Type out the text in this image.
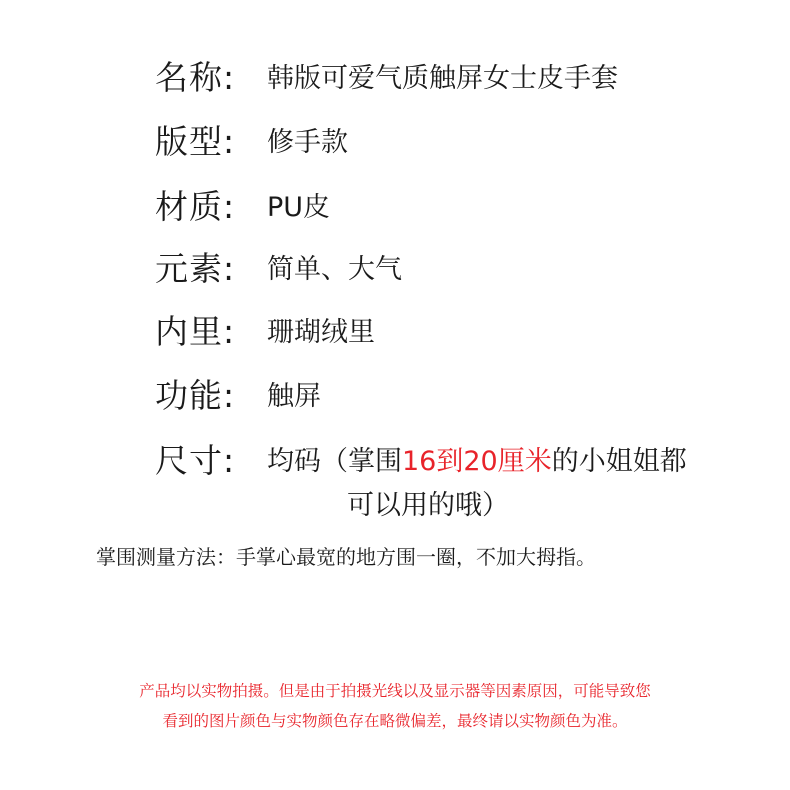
名称: 韩版可爱气质触屏女士皮手套
版型: 修手款
材质: PU皮
元素: 简单、大气
内里: 珊瑚绒里
功能: 触屏
尺寸: 均码（掌围16到20厘米的小姐姐都
可以用的哦）
掌围测量方法：手掌心最宽的地方围一圈，不加大拇指。
产品均以实物拍摄。但是由于拍摄光线以及显示器等因素原因，可能导致您
看到的图片颜色与实物颜色存在略微偏差，最终请以实物颜色为准。
